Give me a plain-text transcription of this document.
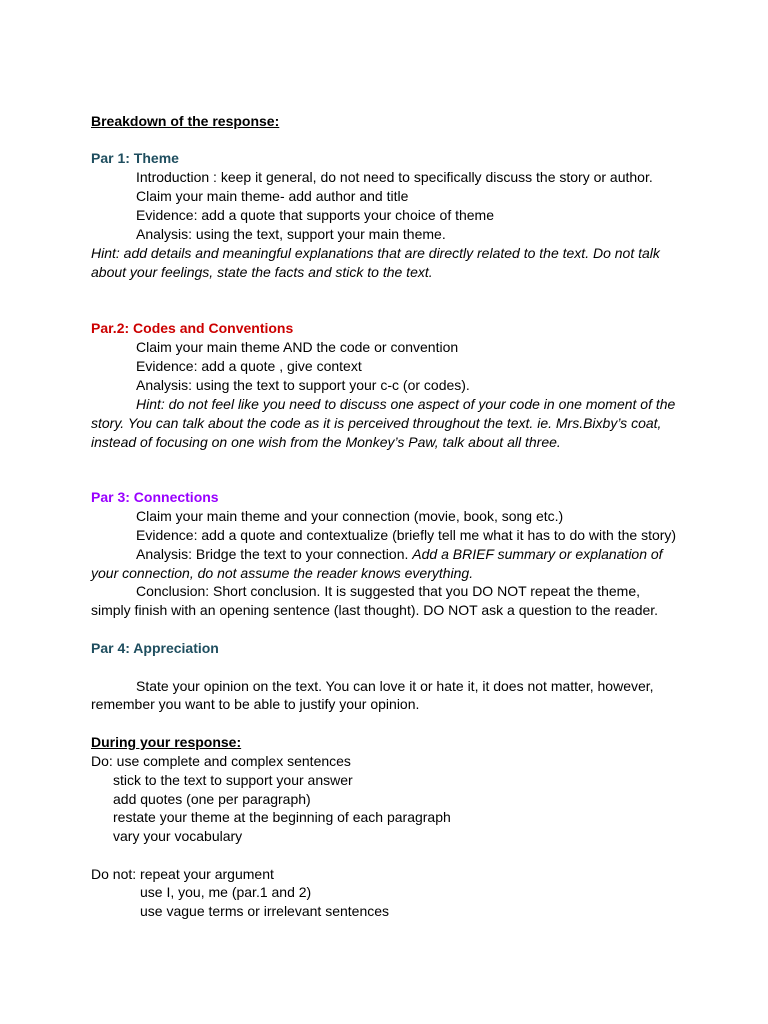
Breakdown of the response:

Par 1: Theme

Introduction : keep it general, do not need to specifically discuss the story or author.

Claim your main theme- add author and title

Evidence: add a quote that supports your choice of theme

Analysis: using the text, support your main theme.

Hint: add details and meaningful explanations that are directly related to the text. Do not talk

about your feelings, state the facts and stick to the text.

Par.2: Codes and Conventions

Claim your main theme AND the code or convention

Evidence: add a quote , give context

Analysis: using the text to support your c-c (or codes).

Hint: do not feel like you need to discuss one aspect of your code in one moment of the

story. You can talk about the code as it is perceived throughout the text. ie. Mrs.Bixby’s coat,

instead of focusing on one wish from the Monkey’s Paw, talk about all three.

Par 3: Connections

Claim your main theme and your connection (movie, book, song etc.)

Evidence: add a quote and contextualize (briefly tell me what it has to do with the story)

Analysis: Bridge the text to your connection. Add a BRIEF summary or explanation of

your connection, do not assume the reader knows everything.

Conclusion: Short conclusion. It is suggested that you DO NOT repeat the theme,

simply finish with an opening sentence (last thought). DO NOT ask a question to the reader.

Par 4: Appreciation

State your opinion on the text. You can love it or hate it, it does not matter, however,

remember you want to be able to justify your opinion.

During your response:

Do: use complete and complex sentences

stick to the text to support your answer

add quotes (one per paragraph)

restate your theme at the beginning of each paragraph

vary your vocabulary

Do not: repeat your argument

use I, you, me (par.1 and 2)

use vague terms or irrelevant sentences
